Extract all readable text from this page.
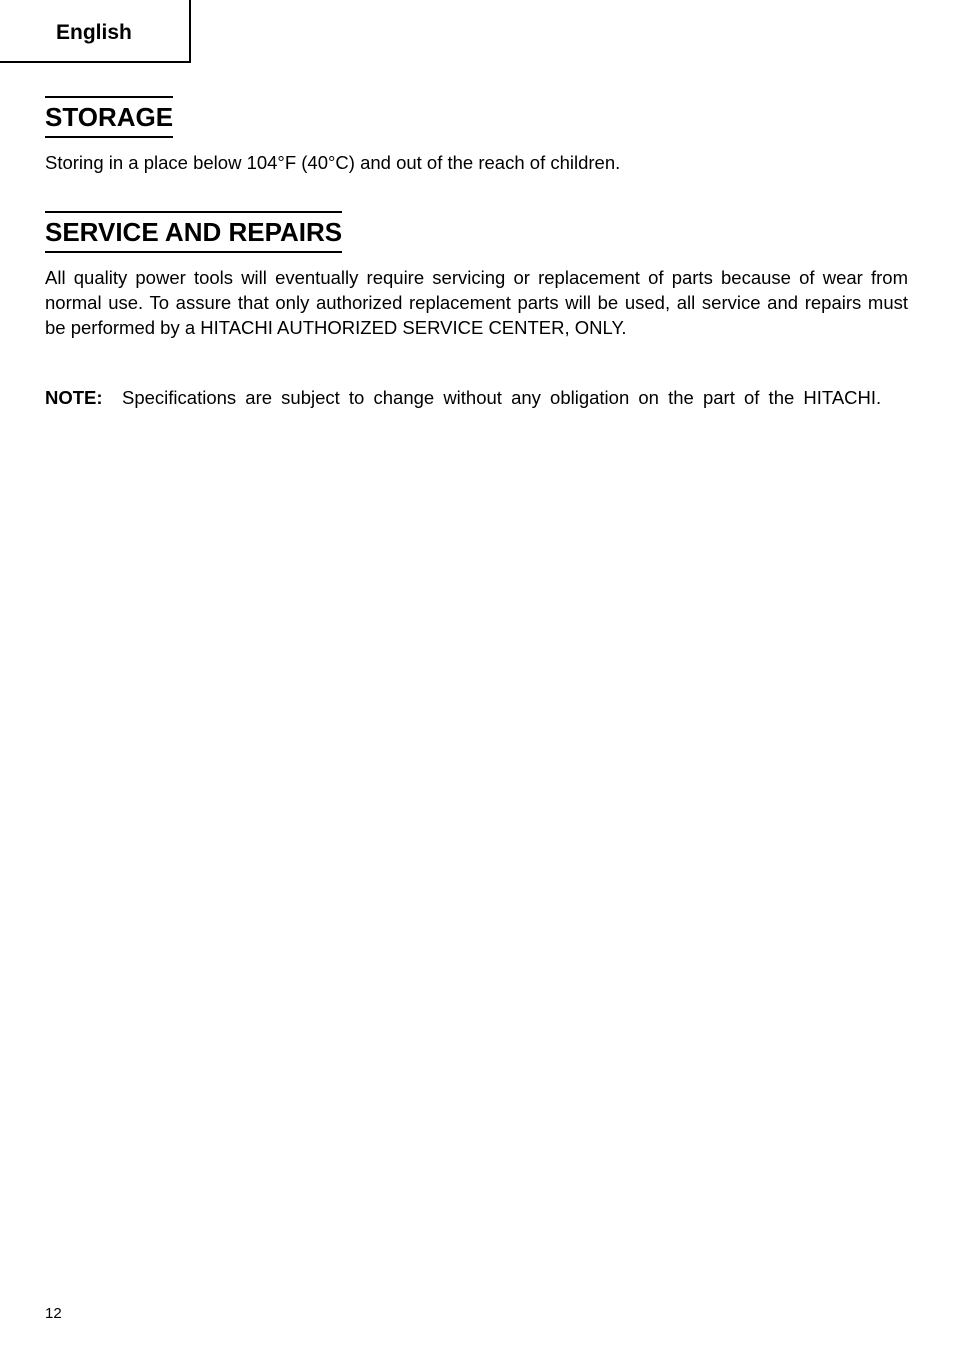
English
STORAGE

Storing in a place below 104°F (40°C) and out of the reach of children.

SERVICE AND REPAIRS

All quality power tools will eventually require servicing or replacement of parts because of wear from normal use. To assure that only authorized replacement parts will be used, all service and repairs must be performed by a HITACHI AUTHORIZED SERVICE CENTER, ONLY.

NOTE: Specifications are subject to change without any obligation on the part of the HITACHI.
12
